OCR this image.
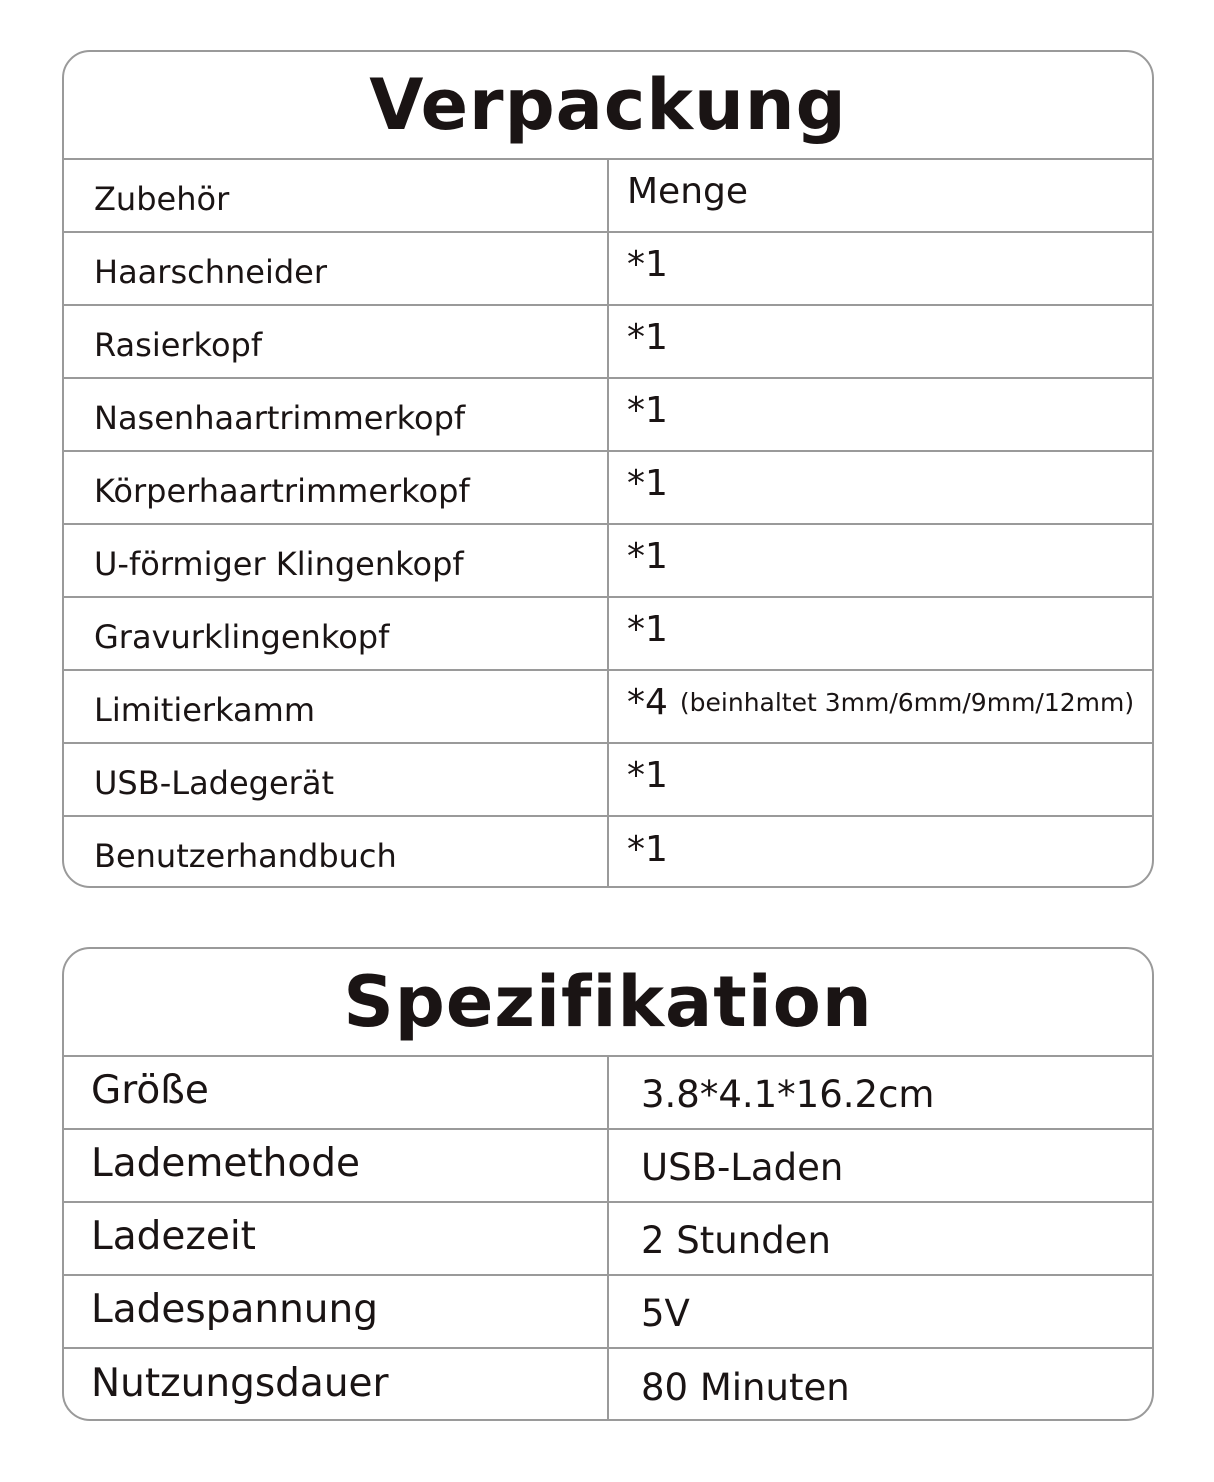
Verpackung
Zubehör	Menge
Haarschneider	*1
Rasierkopf	*1
Nasenhaartrimmerkopf	*1
Körperhaartrimmerkopf	*1
U-förmiger Klingenkopf	*1
Gravurklingenkopf	*1
Limitierkamm	*4 (beinhaltet 3mm/6mm/9mm/12mm)
USB-Ladegerät	*1
Benutzerhandbuch	*1
Spezifikation
Größe	3.8*4.1*16.2cm
Lademethode	USB-Laden
Ladezeit	2 Stunden
Ladespannung	5V
Nutzungsdauer	80 Minuten
